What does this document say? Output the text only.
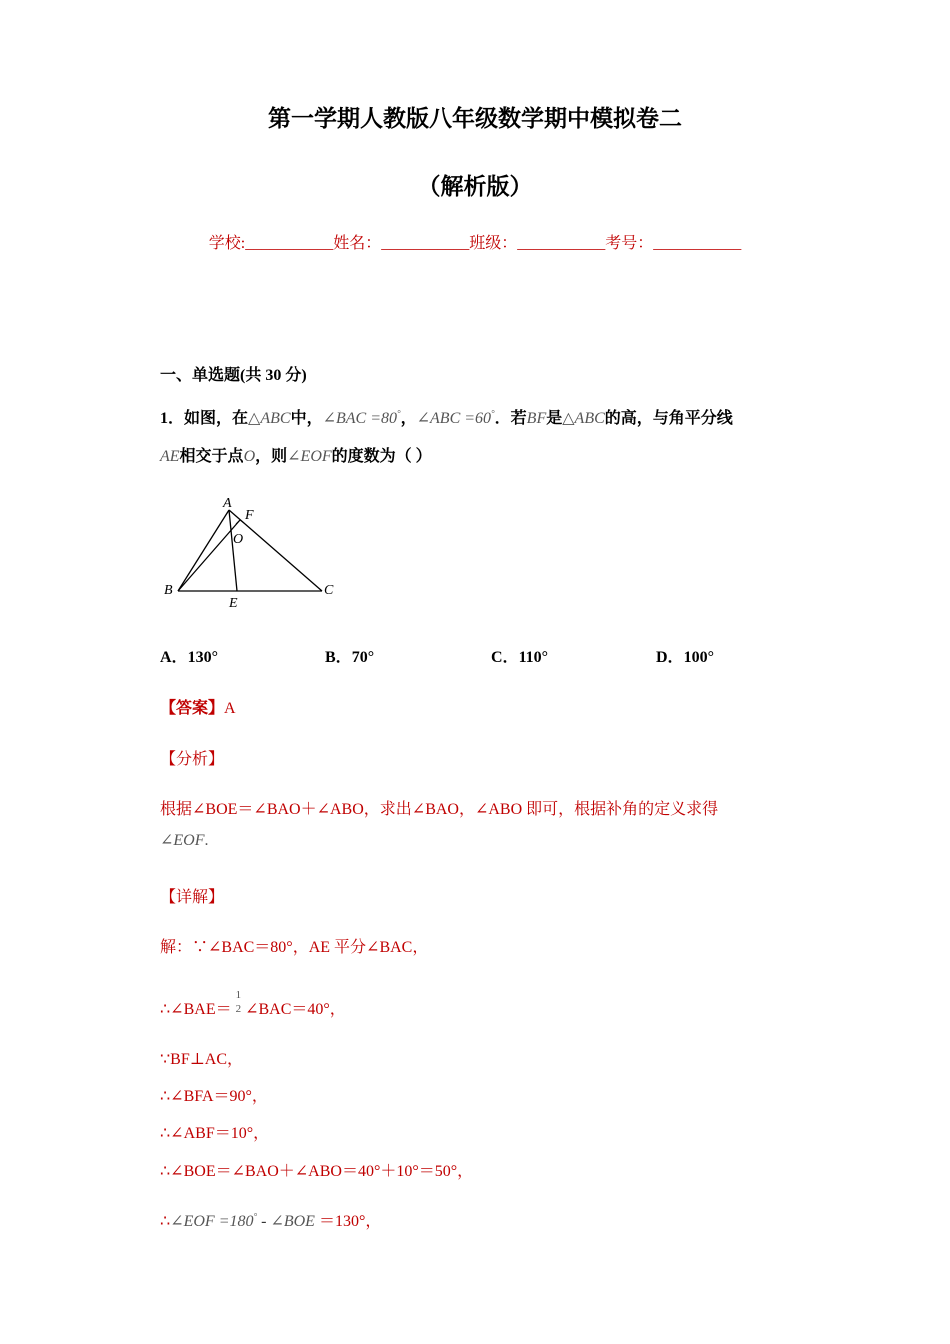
第一学期人教版八年级数学期中模拟卷二
（解析版）
学校:___________姓名：___________班级：___________考号：___________
一、单选题(共 30 分)
1．如图，在△ABC中，∠BAC =80°，∠ABC =60°．若BF是△ABC的高，与角平分线
AE相交于点O，则∠EOF的度数为（ ）
A
F
O
B
E
C
A．130°	B．70°	C．110°	D．100°
【答案】A
【分析】
根据∠BOE＝∠BAO＋∠ABO，求出∠BAO，∠ABO 即可，根据补角的定义求得
∠EOF.
【详解】
解：∵∠BAC＝80°，AE 平分∠BAC，
∴∠BAE＝
1
2 ∠BAC＝40°，
∵BF⊥AC，
∴∠BFA＝90°，
∴∠ABF＝10°，
∴∠BOE＝∠BAO＋∠ABO＝40°＋10°＝50°，
∴∠EOF =180° - ∠BOE ＝130°，
